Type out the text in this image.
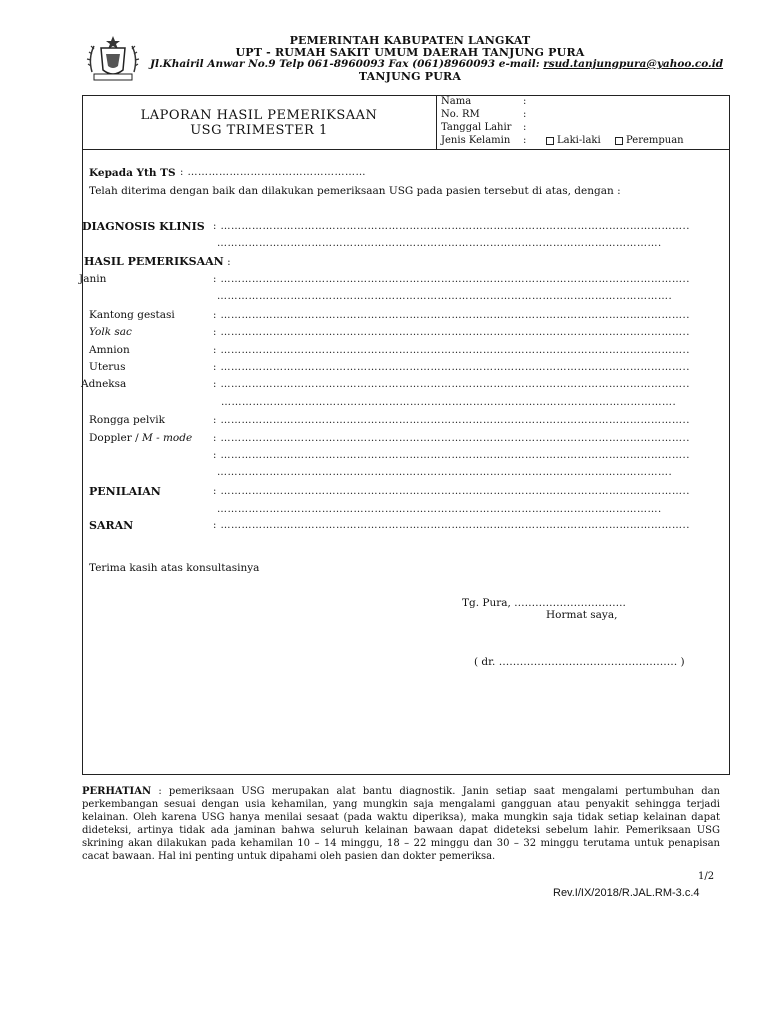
PEMERINTAH KABUPATEN LANGKAT
UPT - RUMAH SAKIT UMUM DAERAH TANJUNG PURA
Jl.Khairil Anwar No.9 Telp 061-8960093 Fax (061)8960093 e-mail: rsud.tanjungpura@yahoo.co.id
TANJUNG PURA
LAPORAN HASIL PEMERIKSAAN
USG TRIMESTER 1
Nama	:
No. RM	:
Tanggal Lahir :
Jenis Kelamin :	Laki-laki	Perempuan
Kepada Yth TS : ……………………………………………
Telah diterima dengan baik dan dilakukan pemeriksaan USG pada pasien tersebut di atas, dengan :
DIAGNOSIS KLINIS : ……………………………………………………………………………………………………………………..
……………………………………………………………………………………………………………….
HASIL PEMERIKSAAN :
Janin	: ……………………………………………………………………………………………………………………..
………………………………………………………………………………………………………………….
Kantong gestasi	: ……………………………………………………………………………………………………………………..
Yolk sac	: ……………………………………………………………………………………………………………………..
Amnion	: ……………………………………………………………………………………………………………………..
Uterus	: ……………………………………………………………………………………………………………………..
Adneksa	: ……………………………………………………………………………………………………………………..
………………………………………………………………………………………………………………….
Rongga pelvik	: ……………………………………………………………………………………………………………………..
Doppler / M - mode : ……………………………………………………………………………………………………………………..
: ……………………………………………………………………………………………………………………..
………………………………………………………………………………………………………………….
PENILAIAN	: ……………………………………………………………………………………………………………………..
……………………………………………………………………………………………………………….
SARAN	: ……………………………………………………………………………………………………………………..
Terima kasih atas konsultasinya
Tg. Pura, …………………………..
Hormat saya,
( dr. …………………………………………… )
PERHATIAN : pemeriksaan USG merupakan alat bantu diagnostik. Janin setiap saat mengalami pertumbuhan dan perkembangan sesuai dengan usia kehamilan, yang mungkin saja mengalami gangguan atau penyakit sehingga terjadi kelainan. Oleh karena USG hanya menilai sesaat (pada waktu diperiksa), maka mungkin saja tidak setiap kelainan dapat dideteksi, artinya tidak ada jaminan bahwa seluruh kelainan bawaan dapat dideteksi sebelum lahir. Pemeriksaan USG skrining akan dilakukan pada kehamilan 10 – 14 minggu, 18 – 22 minggu dan 30 – 32 minggu terutama untuk penapisan cacat bawaan. Hal ini penting untuk dipahami oleh pasien dan dokter pemeriksa.
1/2
Rev.I/IX/2018/R.JAL.RM-3.c.4
